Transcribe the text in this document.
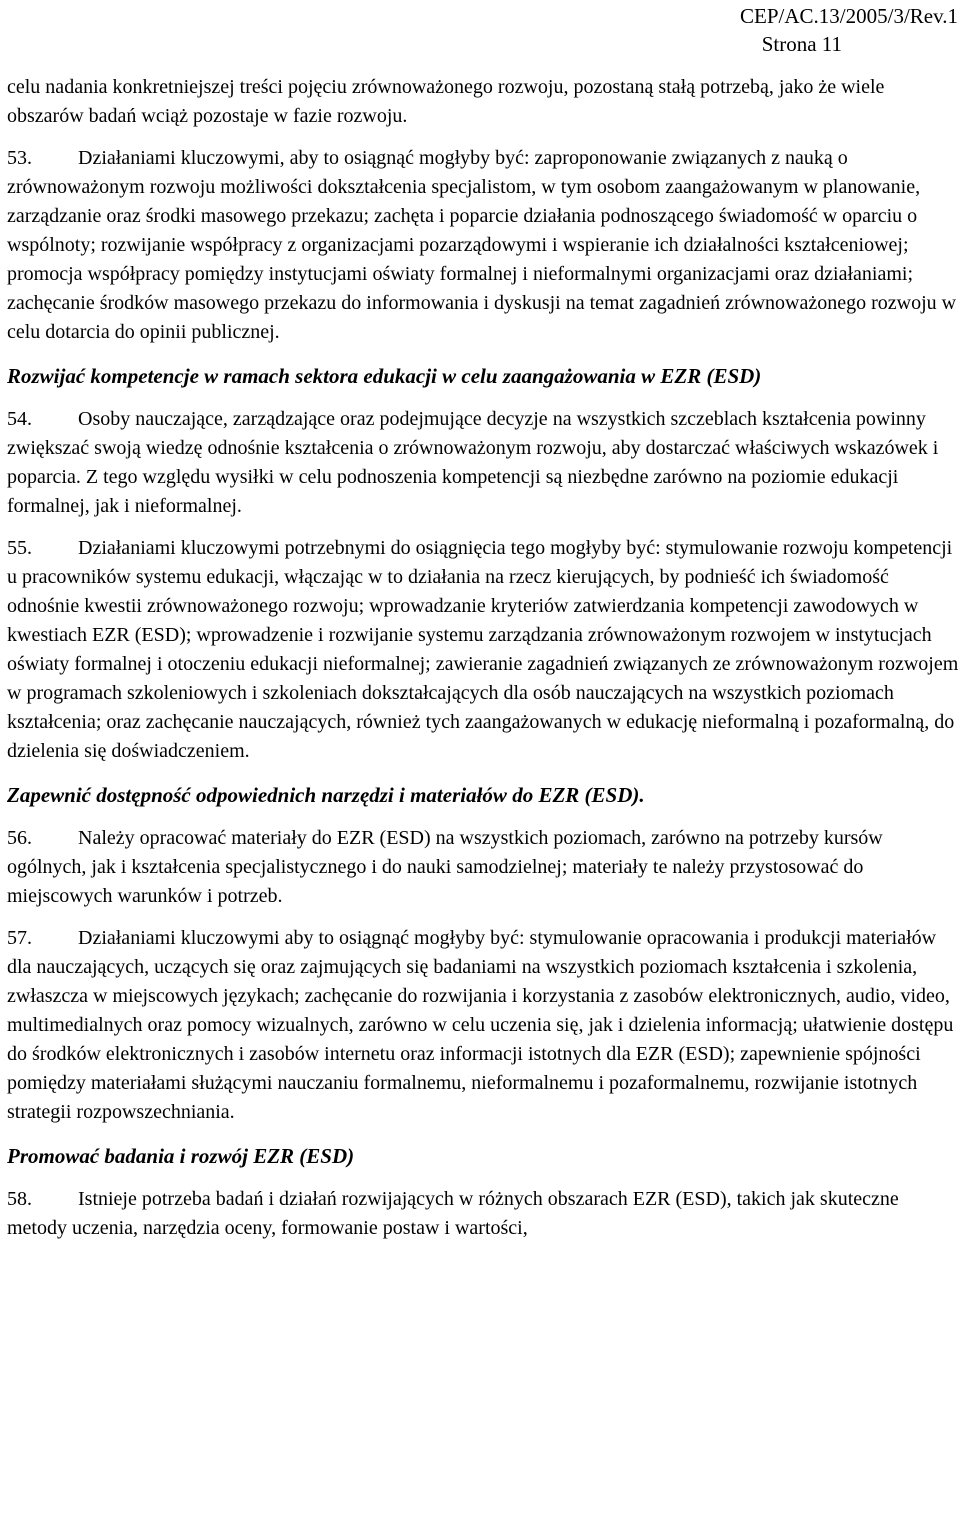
CEP/AC.13/2005/3/Rev.1
Strona 11

celu nadania konkretniejszej treści pojęciu zrównoważonego rozwoju, pozostaną stałą potrzebą, jako że wiele obszarów badań wciąż pozostaje w fazie rozwoju.

53. Działaniami kluczowymi, aby to osiągnąć mogłyby być: zaproponowanie związanych z nauką o zrównoważonym rozwoju możliwości dokształcenia specjalistom, w tym osobom zaangażowanym w planowanie, zarządzanie oraz środki masowego przekazu; zachęta i poparcie działania podnoszącego świadomość w oparciu o wspólnoty; rozwijanie współpracy z organizacjami pozarządowymi i wspieranie ich działalności kształceniowej; promocja współpracy pomiędzy instytucjami oświaty formalnej i nieformalnymi organizacjami oraz działaniami; zachęcanie środków masowego przekazu do informowania i dyskusji na temat zagadnień zrównoważonego rozwoju w celu dotarcia do opinii publicznej.

Rozwijać kompetencje w ramach sektora edukacji w celu zaangażowania w EZR (ESD)

54. Osoby nauczające, zarządzające oraz podejmujące decyzje na wszystkich szczeblach kształcenia powinny zwiększać swoją wiedzę odnośnie kształcenia o zrównoważonym rozwoju, aby dostarczać właściwych wskazówek i poparcia. Z tego względu wysiłki w celu podnoszenia kompetencji są niezbędne zarówno na poziomie edukacji formalnej, jak i nieformalnej.

55. Działaniami kluczowymi potrzebnymi do osiągnięcia tego mogłyby być: stymulowanie rozwoju kompetencji u pracowników systemu edukacji, włączając w to działania na rzecz kierujących, by podnieść ich świadomość odnośnie kwestii zrównoważonego rozwoju; wprowadzanie kryteriów zatwierdzania kompetencji zawodowych w kwestiach EZR (ESD); wprowadzenie i rozwijanie systemu zarządzania zrównoważonym rozwojem w instytucjach oświaty formalnej i otoczeniu edukacji nieformalnej; zawieranie zagadnień związanych ze zrównoważonym rozwojem w programach szkoleniowych i szkoleniach dokształcających dla osób nauczających na wszystkich poziomach kształcenia; oraz zachęcanie nauczających, również tych zaangażowanych w edukację nieformalną i pozaformalną, do dzielenia się doświadczeniem.

Zapewnić dostępność odpowiednich narzędzi i materiałów do EZR (ESD).

56. Należy opracować materiały do EZR (ESD) na wszystkich poziomach, zarówno na potrzeby kursów ogólnych, jak i kształcenia specjalistycznego i do nauki samodzielnej; materiały te należy przystosować do miejscowych warunków i potrzeb.

57. Działaniami kluczowymi aby to osiągnąć mogłyby być: stymulowanie opracowania i produkcji materiałów dla nauczających, uczących się oraz zajmujących się badaniami na wszystkich poziomach kształcenia i szkolenia, zwłaszcza w miejscowych językach; zachęcanie do rozwijania i korzystania z zasobów elektronicznych, audio, video, multimedialnych oraz pomocy wizualnych, zarówno w celu uczenia się, jak i dzielenia informacją; ułatwienie dostępu do środków elektronicznych i zasobów internetu oraz informacji istotnych dla EZR (ESD); zapewnienie spójności pomiędzy materiałami służącymi nauczaniu formalnemu, nieformalnemu i pozaformalnemu, rozwijanie istotnych strategii rozpowszechniania.

Promować badania i rozwój EZR (ESD)

58. Istnieje potrzeba badań i działań rozwijających w różnych obszarach EZR (ESD), takich jak skuteczne metody uczenia, narzędzia oceny, formowanie postaw i wartości,
